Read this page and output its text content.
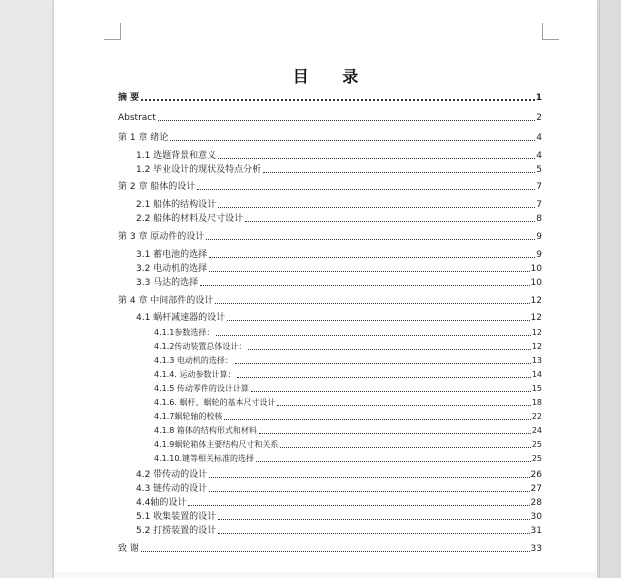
目 录
摘 要	1
Abstract	2
第 1 章 绪论	4
1.1 选题背景和意义	4
1.2 毕业设计的现状及特点分析	5
第 2 章 船体的设计	7
2.1 船体的结构设计	7
2.2 船体的材料及尺寸设计	8
第 3 章 原动件的设计	9
3.1 蓄电池的选择	9
3.2 电动机的选择	10
3.3 马达的选择	10
第 4 章 中间部件的设计	12
4.1 蜗杆减速器的设计	12
4.1.1参数选择：	12
4.1.2传动装置总体设计：	12
4.1.3 电动机的选择：	13
4.1.4. 运动参数计算：	14
4.1.5 传动零件的设计计算	15
4.1.6. 蜗杆、蜗轮的基本尺寸设计	18
4.1.7蜗轮轴的校核	22
4.1.8 箱体的结构形式和材料	24
4.1.9蜗轮箱体主要结构尺寸和关系	25
4.1.10.键等相关标准的选择	25
4.2 带传动的设计	26
4.3 链传动的设计	27
4.4轴的设计	28
5.1 收集装置的设计	30
5.2 打捞装置的设计	31
致 谢	33
